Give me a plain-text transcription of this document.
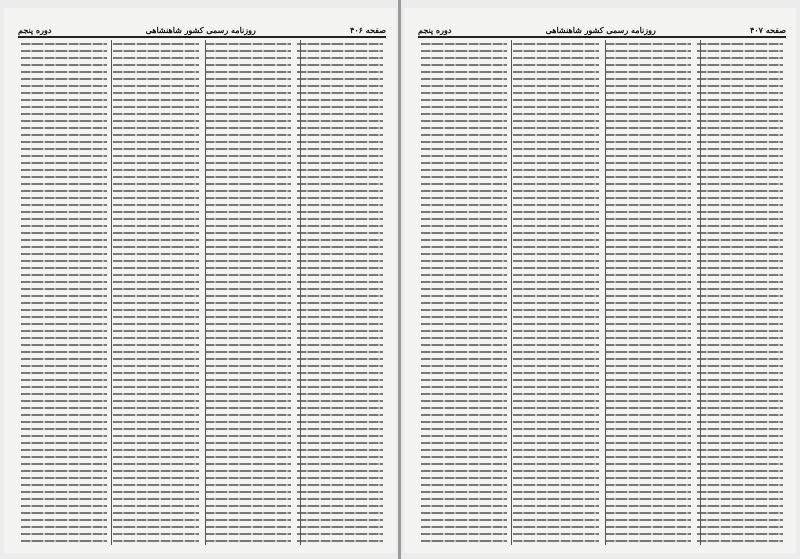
صفحه ۴۰۶
روزنامه رسمی کشور شاهنشاهی
دوره پنجم	صفحه ۴۰۷
روزنامه رسمی کشور شاهنشاهی
دوره پنجم
